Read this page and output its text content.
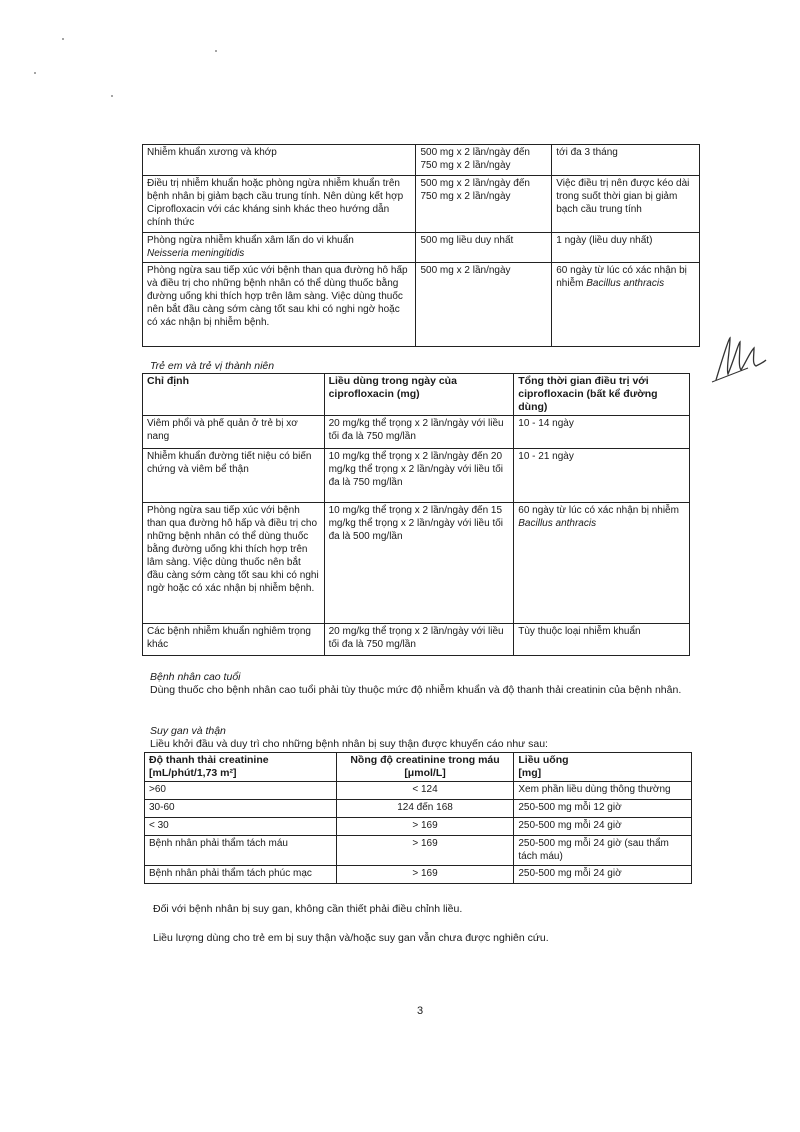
Nhiễm khuẩn xương và khớp	500 mg x 2 lần/ngày đến 750 mg x 2 lần/ngày	tới đa 3 tháng
Điều trị nhiễm khuẩn hoặc phòng ngừa nhiễm khuẩn trên bệnh nhân bị giảm bạch cầu trung tính. Nên dùng kết hợp Ciprofloxacin với các kháng sinh khác theo hướng dẫn chính thức	500 mg x 2 lần/ngày đến 750 mg x 2 lần/ngày	Việc điều trị nên được kéo dài trong suốt thời gian bị giảm bạch cầu trung tính
Phòng ngừa nhiễm khuẩn xâm lấn do vi khuẩn
Neisseria meningitidis	500 mg liều duy nhất	1 ngày (liều duy nhất)
Phòng ngừa sau tiếp xúc với bệnh than qua đường hô hấp và điều trị cho những bệnh nhân có thể dùng thuốc bằng đường uống khi thích hợp trên lâm sàng. Việc dùng thuốc nên bắt đầu càng sớm càng tốt sau khi có nghi ngờ hoặc có xác nhận bị nhiễm bệnh.	500 mg x 2 lần/ngày	60 ngày từ lúc có xác nhận bị nhiễm Bacillus anthracis

Trẻ em và trẻ vị thành niên

Chỉ định	Liều dùng trong ngày của ciprofloxacin (mg)	Tổng thời gian điều trị với ciprofloxacin (bất kể đường dùng)
Viêm phổi và phế quản ở trẻ bị xơ nang	20 mg/kg thể trọng x 2 lần/ngày với liều tối đa là 750 mg/lần	10 - 14 ngày
Nhiễm khuẩn đường tiết niệu có biến chứng và viêm bể thận	10 mg/kg thể trọng x 2 lần/ngày đến 20 mg/kg thể trọng x 2 lần/ngày với liều tối đa là 750 mg/lần	10 - 21 ngày
Phòng ngừa sau tiếp xúc với bệnh than qua đường hô hấp và điều trị cho những bệnh nhân có thể dùng thuốc bằng đường uống khi thích hợp trên lâm sàng. Việc dùng thuốc nên bắt đầu càng sớm càng tốt sau khi có nghi ngờ hoặc có xác nhận bị nhiễm bệnh.	10 mg/kg thể trọng x 2 lần/ngày đến 15 mg/kg thể trọng x 2 lần/ngày với liều tối đa là 500 mg/lần	60 ngày từ lúc có xác nhận bị nhiễm Bacillus anthracis
Các bệnh nhiễm khuẩn nghiêm trọng khác	20 mg/kg thể trọng x 2 lần/ngày với liều tối đa là 750 mg/lần	Tùy thuộc loại nhiễm khuẩn

Bệnh nhân cao tuổi

Dùng thuốc cho bệnh nhân cao tuổi phải tùy thuộc mức độ nhiễm khuẩn và độ thanh thải creatinin của bệnh nhân.

Suy gan và thận

Liều khởi đầu và duy trì cho những bệnh nhân bị suy thận được khuyến cáo như sau:

Độ thanh thải creatinine
[mL/phút/1,73 m²]	Nồng độ creatinine trong máu
[μmol/L]	Liều uống
[mg]
>60	< 124	Xem phần liều dùng thông thường
30-60	124 đến 168	250-500 mg mỗi 12 giờ
< 30	> 169	250-500 mg mỗi 24 giờ
Bệnh nhân phải thẩm tách máu	> 169	250-500 mg mỗi 24 giờ (sau thẩm tách máu)
Bệnh nhân phải thẩm tách phúc mạc	> 169	250-500 mg mỗi 24 giờ

Đối với bệnh nhân bị suy gan, không cần thiết phải điều chỉnh liều.

Liều lượng dùng cho trẻ em bị suy thận và/hoặc suy gan vẫn chưa được nghiên cứu.

3
